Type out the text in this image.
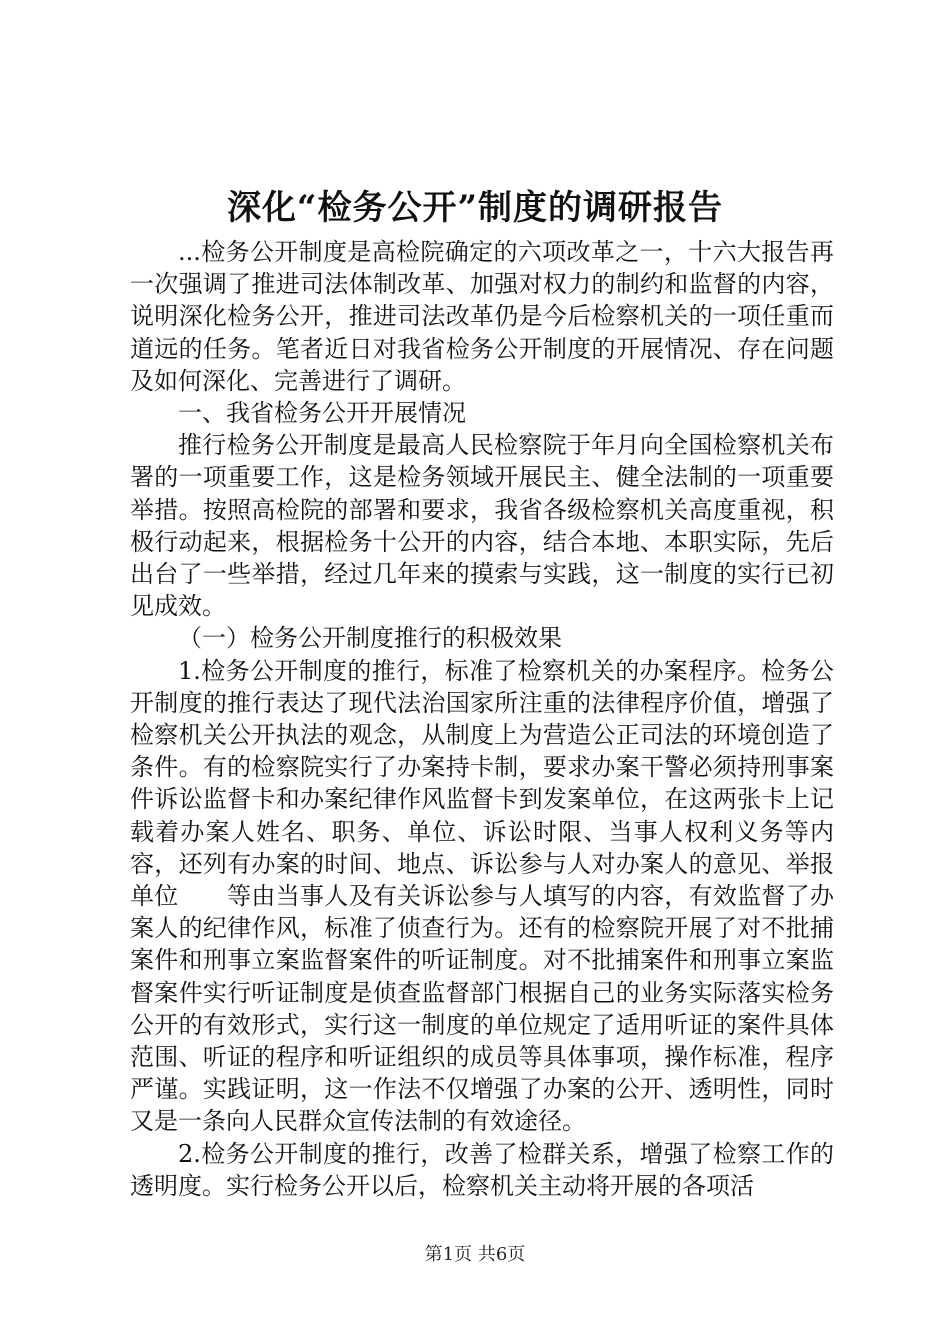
深化“检务公开”制度的调研报告

...检务公开制度是高检院确定的六项改革之一，十六大报告再一次强调了推进司法体制改革、加强对权力的制约和监督的内容，说明深化检务公开，推进司法改革仍是今后检察机关的一项任重而道远的任务。笔者近日对我省检务公开制度的开展情况、存在问题及如何深化、完善进行了调研。

一、我省检务公开开展情况

推行检务公开制度是最高人民检察院于年月向全国检察机关布署的一项重要工作，这是检务领域开展民主、健全法制的一项重要举措。按照高检院的部署和要求，我省各级检察机关高度重视，积极行动起来，根据检务十公开的内容，结合本地、本职实际，先后出台了一些举措，经过几年来的摸索与实践，这一制度的实行已初见成效。

（一）检务公开制度推行的积极效果

1.检务公开制度的推行，标准了检察机关的办案程序。检务公开制度的推行表达了现代法治国家所注重的法律程序价值，增强了检察机关公开执法的观念，从制度上为营造公正司法的环境创造了条件。有的检察院实行了办案持卡制，要求办案干警必须持刑事案件诉讼监督卡和办案纪律作风监督卡到发案单位，在这两张卡上记载着办案人姓名、职务、单位、诉讼时限、当事人权利义务等内容，还列有办案的时间、地点、诉讼参与人对办案人的意见、举报单位　　等由当事人及有关诉讼参与人填写的内容，有效监督了办案人的纪律作风，标准了侦查行为。还有的检察院开展了对不批捕案件和刑事立案监督案件的听证制度。对不批捕案件和刑事立案监督案件实行听证制度是侦查监督部门根据自己的业务实际落实检务公开的有效形式，实行这一制度的单位规定了适用听证的案件具体范围、听证的程序和听证组织的成员等具体事项，操作标准，程序严谨。实践证明，这一作法不仅增强了办案的公开、透明性，同时又是一条向人民群众宣传法制的有效途径。

2.检务公开制度的推行，改善了检群关系，增强了检察工作的透明度。实行检务公开以后，检察机关主动将开展的各项活

第1页 共6页
